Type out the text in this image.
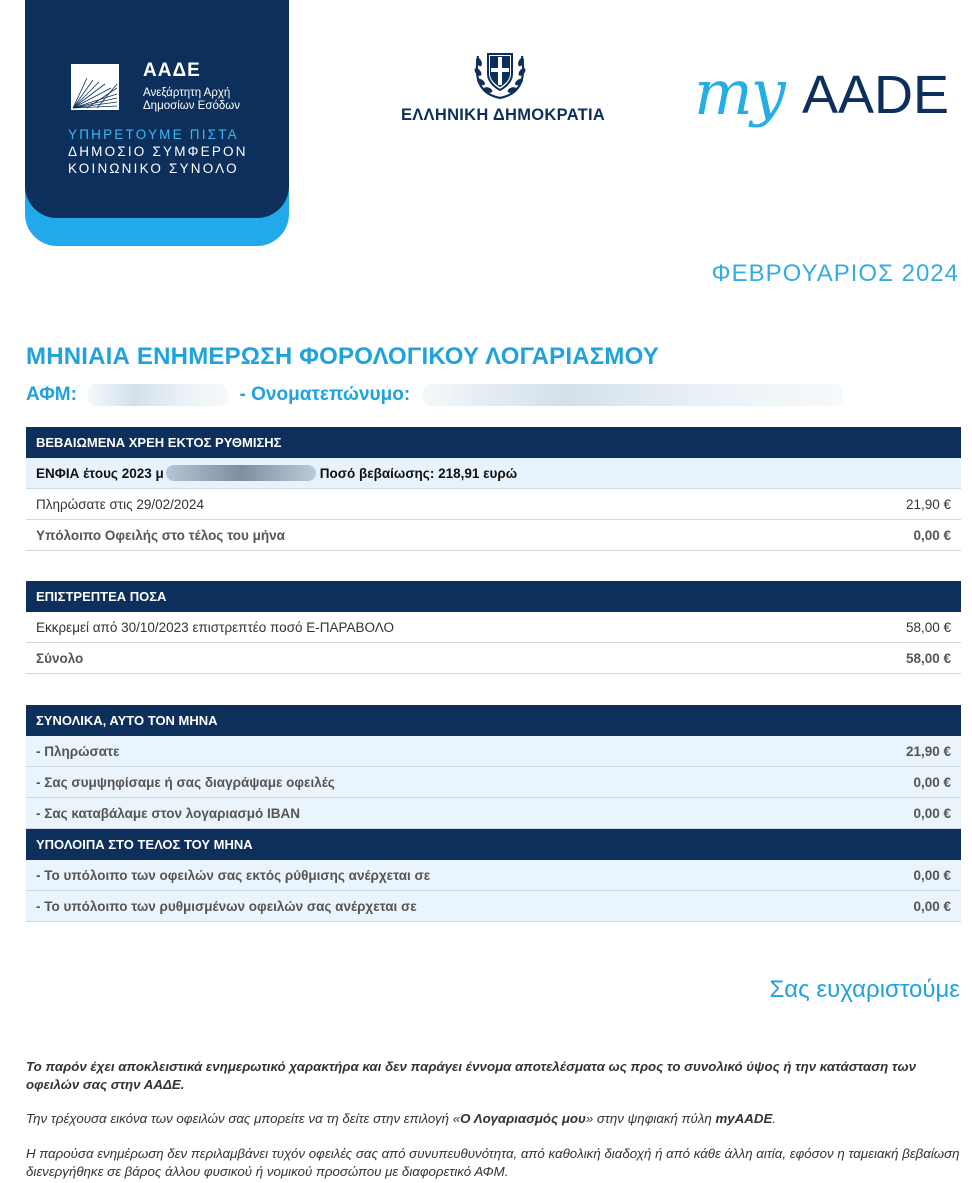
ΑΑΔΕ
Ανεξάρτητη Αρχή
Δημοσίων Εσόδων
ΥΠΗΡΕΤΟΥΜΕ ΠΙΣΤΑ
ΔΗΜΟΣΙΟ ΣΥΜΦΕΡΟΝ
ΚΟΙΝΩΝΙΚΟ ΣΥΝΟΛΟ
ΕΛΛΗΝΙΚΗ ΔΗΜΟΚΡΑΤΙΑ my AADE
ΦΕΒΡΟΥΑΡΙΟΣ 2024
ΜΗΝΙΑΙΑ ΕΝΗΜΕΡΩΣΗ ΦΟΡΟΛΟΓΙΚΟΥ ΛΟΓΑΡΙΑΣΜΟΥ
ΑΦΜ:	- Ονοματεπώνυμο:
ΒΕΒΑΙΩΜΕΝΑ ΧΡΕΗ ΕΚΤΟΣ ΡΥΘΜΙΣΗΣ
ΕΝΦΙΑ έτους 2023 μ	Ποσό βεβαίωσης: 218,91 ευρώ
Πληρώσατε στις 29/02/2024	21,90 €
Υπόλοιπο Οφειλής στο τέλος του μήνα	0,00 €
ΕΠΙΣΤΡΕΠΤΕΑ ΠΟΣΑ
Εκκρεμεί από 30/10/2023 επιστρεπτέο ποσό Ε-ΠΑΡΑΒΟΛΟ	58,00 €
Σύνολο	58,00 €
ΣΥΝΟΛΙΚΑ, ΑΥΤΟ ΤΟΝ ΜΗΝΑ
- Πληρώσατε	21,90 €
- Σας συμψηφίσαμε ή σας διαγράψαμε οφειλές	0,00 €
- Σας καταβάλαμε στον λογαριασμό IBAN	0,00 €
ΥΠΟΛΟΙΠΑ ΣΤΟ ΤΕΛΟΣ ΤΟΥ ΜΗΝΑ
- Το υπόλοιπο των οφειλών σας εκτός ρύθμισης ανέρχεται σε	0,00 €
- Το υπόλοιπο των ρυθμισμένων οφειλών σας ανέρχεται σε	0,00 €
Σας ευχαριστούμε
Το παρόν έχει αποκλειστικά ενημερωτικό χαρακτήρα και δεν παράγει έννομα αποτελέσματα ως προς το συνολικό ύψος ή την κατάσταση των οφειλών σας στην ΑΑΔΕ.
Την τρέχουσα εικόνα των οφειλών σας μπορείτε να τη δείτε στην επιλογή «Ο Λογαριασμός μου» στην ψηφιακή πύλη myAADE.
Η παρούσα ενημέρωση δεν περιλαμβάνει τυχόν οφειλές σας από συνυπευθυνότητα, από καθολική διαδοχή ή από κάθε άλλη αιτία, εφόσον η ταμειακή βεβαίωση διενεργήθηκε σε βάρος άλλου φυσικού ή νομικού προσώπου με διαφορετικό ΑΦΜ.
